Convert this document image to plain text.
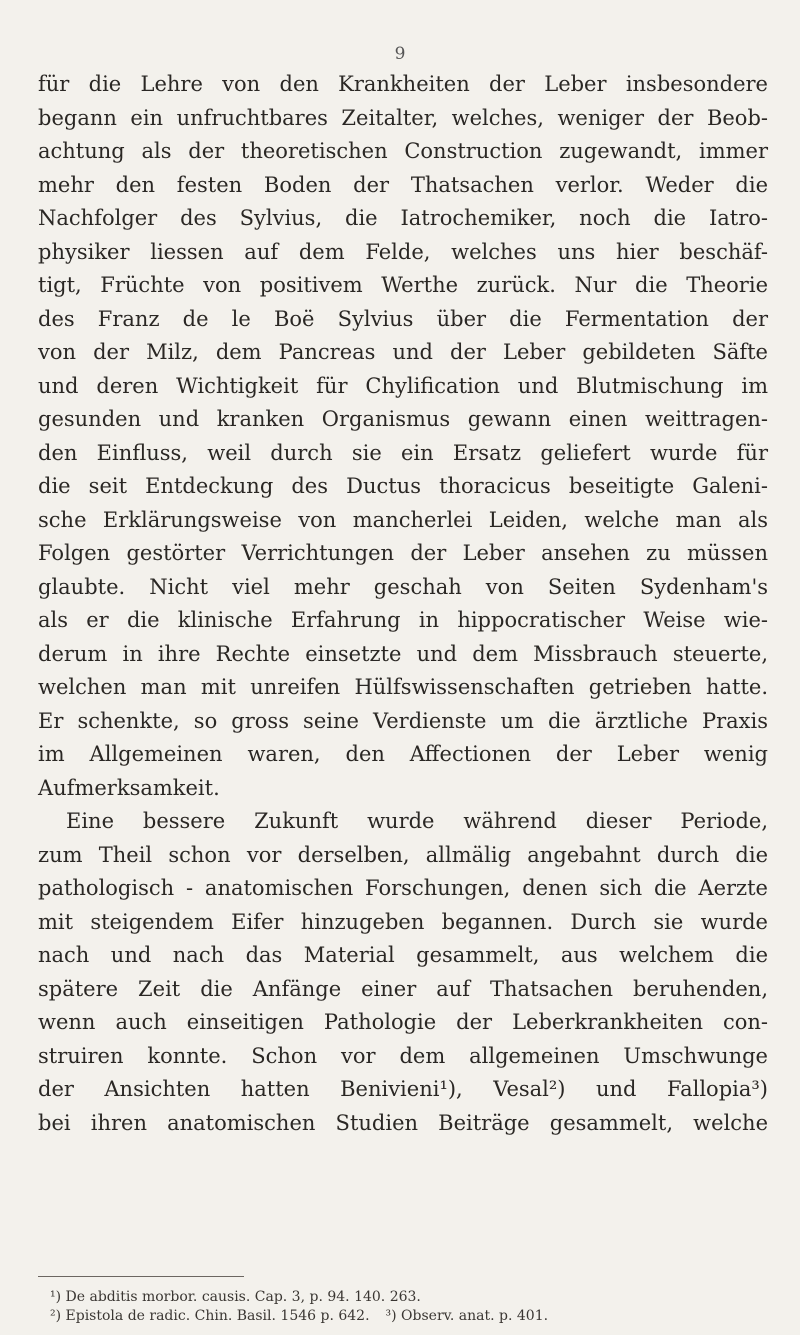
9
für die Lehre von den Krankheiten der Leber insbesondere
begann ein unfruchtbares Zeitalter, welches, weniger der Beob-
achtung als der theoretischen Construction zugewandt, immer
mehr den festen Boden der Thatsachen verlor. Weder die
Nachfolger des Sylvius, die Iatrochemiker, noch die Iatro-
physiker liessen auf dem Felde, welches uns hier beschäf-
tigt, Früchte von positivem Werthe zurück. Nur die Theorie
des Franz de le Boë Sylvius über die Fermentation der
von der Milz, dem Pancreas und der Leber gebildeten Säfte
und deren Wichtigkeit für Chylification und Blutmischung im
gesunden und kranken Organismus gewann einen weittragen-
den Einfluss, weil durch sie ein Ersatz geliefert wurde für
die seit Entdeckung des Ductus thoracicus beseitigte Galeni-
sche Erklärungsweise von mancherlei Leiden, welche man als
Folgen gestörter Verrichtungen der Leber ansehen zu müssen
glaubte. Nicht viel mehr geschah von Seiten Sydenham's
als er die klinische Erfahrung in hippocratischer Weise wie-
derum in ihre Rechte einsetzte und dem Missbrauch steuerte,
welchen man mit unreifen Hülfswissenschaften getrieben hatte.
Er schenkte, so gross seine Verdienste um die ärztliche Praxis
im Allgemeinen waren, den Affectionen der Leber wenig
Aufmerksamkeit.
Eine bessere Zukunft wurde während dieser Periode,
zum Theil schon vor derselben, allmälig angebahnt durch die
pathologisch - anatomischen Forschungen, denen sich die Aerzte
mit steigendem Eifer hinzugeben begannen. Durch sie wurde
nach und nach das Material gesammelt, aus welchem die
spätere Zeit die Anfänge einer auf Thatsachen beruhenden,
wenn auch einseitigen Pathologie der Leberkrankheiten con-
struiren konnte. Schon vor dem allgemeinen Umschwunge
der Ansichten hatten Benivieni¹), Vesal²) und Fallopia³)
bei ihren anatomischen Studien Beiträge gesammelt, welche
¹) De abditis morbor. causis. Cap. 3, p. 94. 140. 263.
²) Epistola de radic. Chin. Basil. 1546 p. 642. ³) Observ. anat. p. 401.
